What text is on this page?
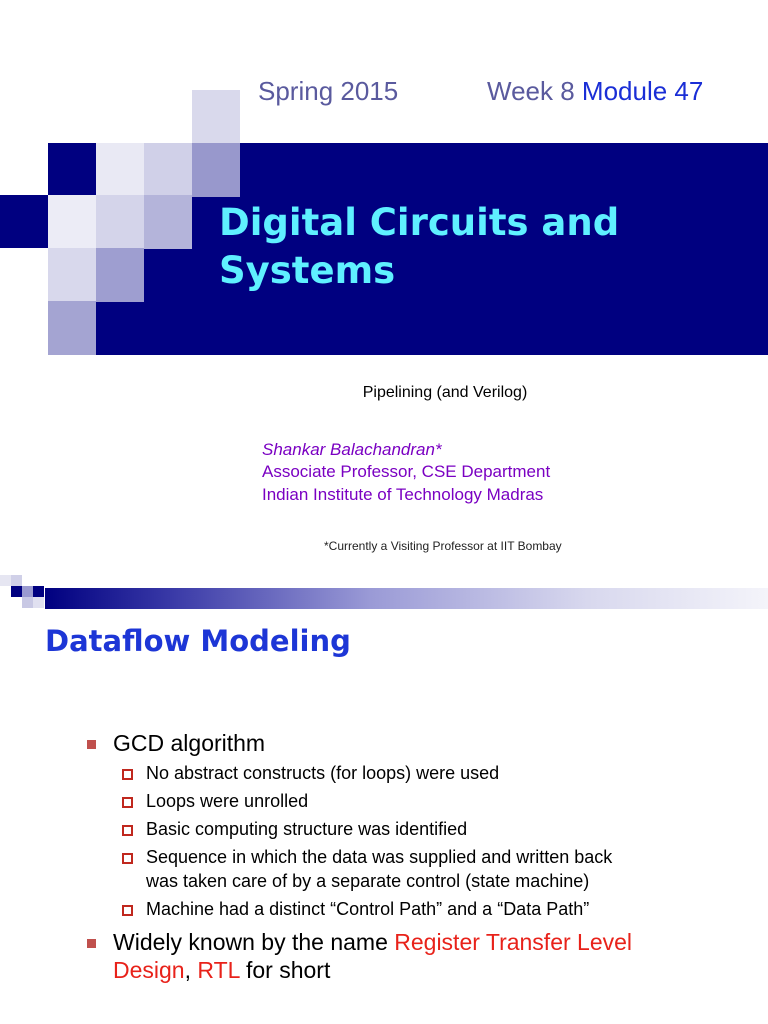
Spring 2015	Week 8 Module 47
Digital Circuits and Systems
Pipelining (and Verilog)
Shankar Balachandran*
Associate Professor, CSE Department
Indian Institute of Technology Madras
*Currently a Visiting Professor at IIT Bombay
Dataflow Modeling
GCD algorithm
No abstract constructs (for loops) were used
Loops were unrolled
Basic computing structure was identified
Sequence in which the data was supplied and written back
was taken care of by a separate control (state machine)
Machine had a distinct “Control Path” and a “Data Path”
Widely known by the name Register Transfer Level
Design, RTL for short
